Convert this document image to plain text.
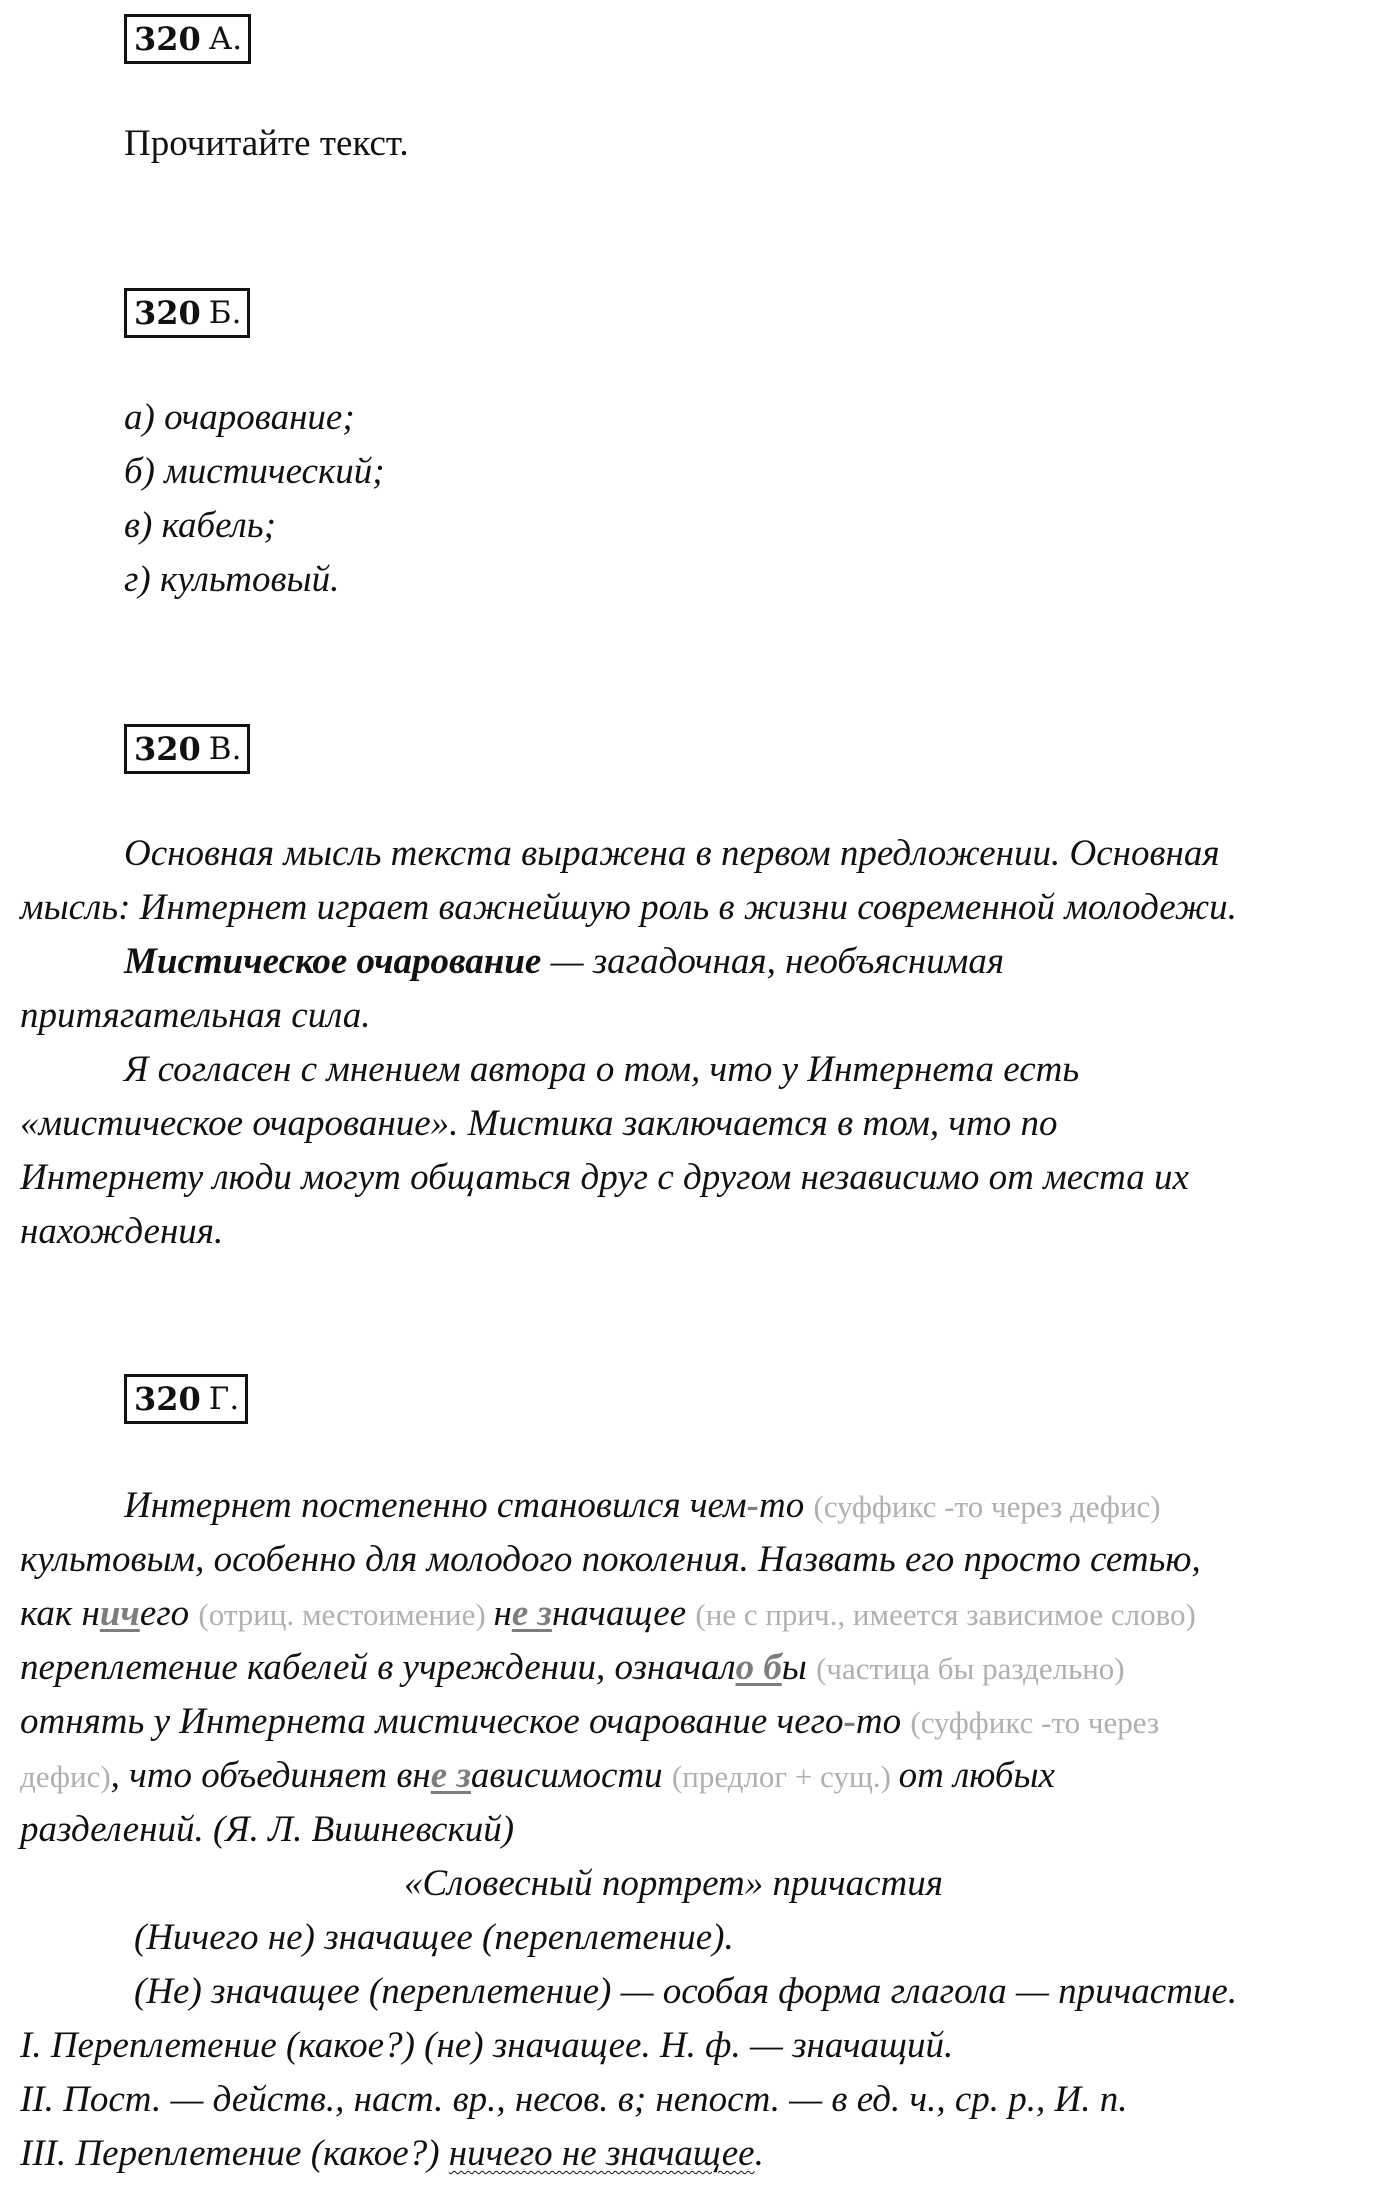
320 А.
Прочитайте текст.
320 Б.
а) очарование;
б) мистический;
в) кабель;
г) культовый.
320 В.
Основная мысль текста выражена в первом предложении. Основная
мысль: Интернет играет важнейшую роль в жизни современной молодежи.
Мистическое очарование — загадочная, необъяснимая
притягательная сила.
Я согласен с мнением автора о том, что у Интернета есть
«мистическое очарование». Мистика заключается в том, что по
Интернету люди могут общаться друг с другом независимо от места их
нахождения.
320 Г.
Интернет постепенно становился чем-то (суффикс -то через дефис)
культовым, особенно для молодого поколения. Назвать его просто сетью,
как ничего (отриц. местоимение) не значащее (не с прич., имеется зависимое слово)
переплетение кабелей в учреждении, означало бы (частица бы раздельно)
отнять у Интернета мистическое очарование чего-то (суффикс -то через
дефис), что объединяет вне зависимости (предлог + сущ.) от любых
разделений. (Я. Л. Вишневский)
«Словесный портрет» причастия
(Ничего не) значащее (переплетение).
(Не) значащее (переплетение) — особая форма глагола — причастие.
I. Переплетение (какое?) (не) значащее. Н. ф. — значащий.
II. Пост. — действ., наст. вр., несов. в; непост. — в ед. ч., ср. р., И. п.
III. Переплетение (какое?) ничего не значащее.
